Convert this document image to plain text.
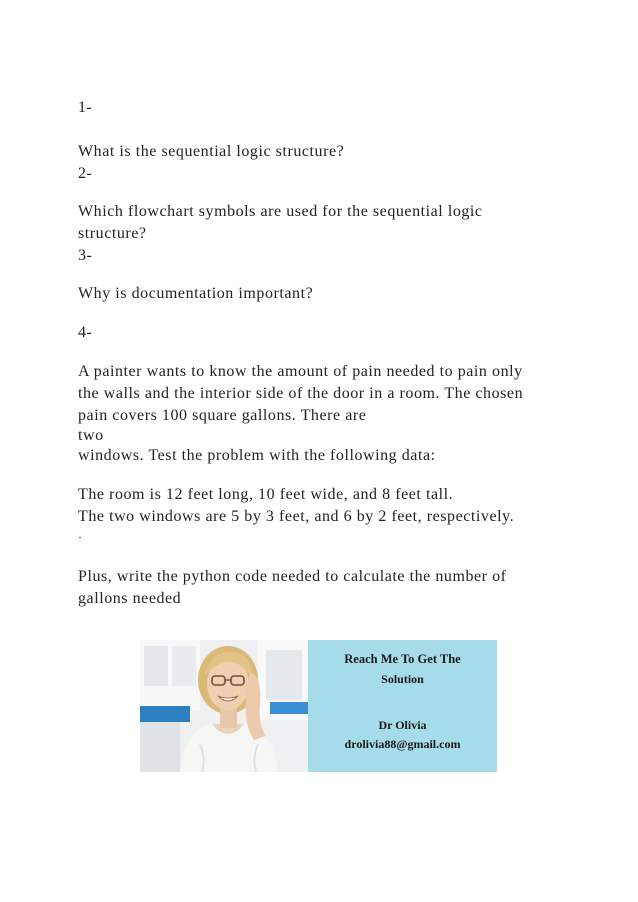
1-
What is the sequential logic structure?
2-
Which flowchart symbols are used for the sequential logic
structure?
3-
Why is documentation important?
4-
A painter wants to know the amount of pain needed to pain only
the walls and the interior side of the door in a room. The chosen
pain covers 100 square gallons. There are
two
windows. Test the problem with the following data:
The room is 12 feet long, 10 feet wide, and 8 feet tall.
The two windows are 5 by 3 feet, and 6 by 2 feet, respectively.
·
Plus, write the python code needed to calculate the number of
gallons needed
Reach Me To Get The
Solution
Dr Olivia
drolivia88@gmail.com
